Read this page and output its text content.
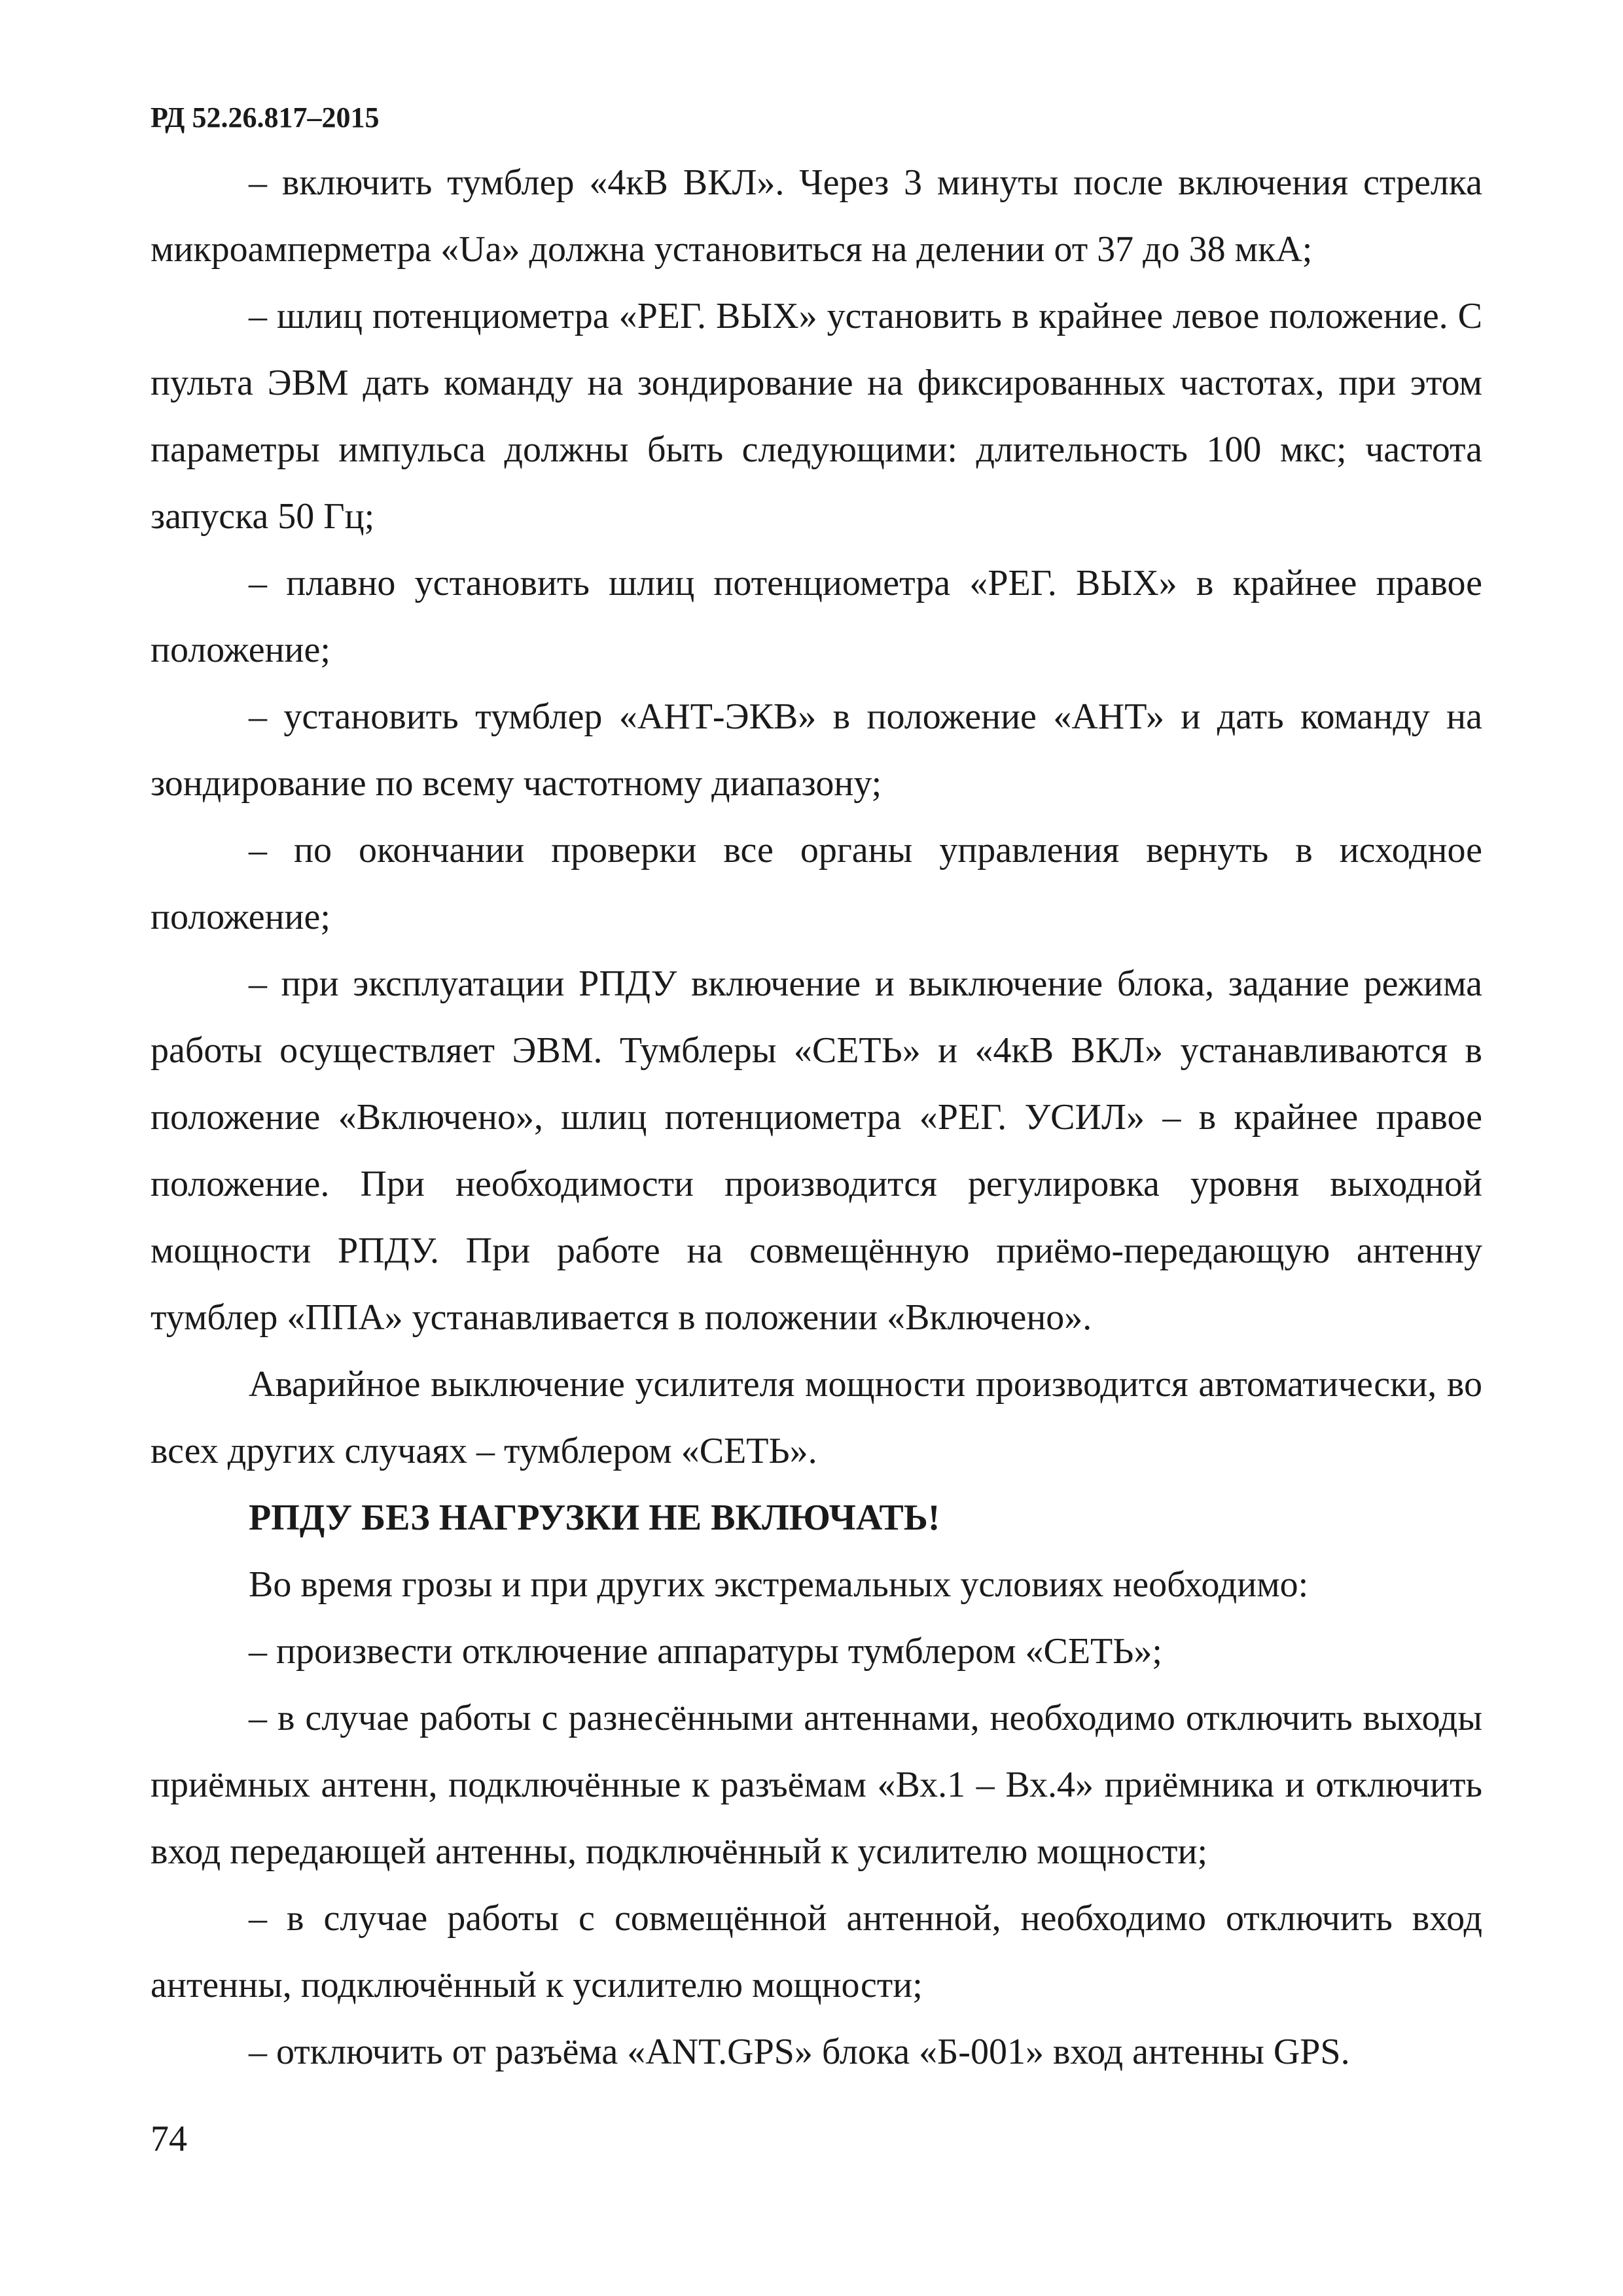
РД 52.26.817–2015

– включить тумблер «4кВ ВКЛ». Через 3 минуты после включения стрелка микроамперметра «Ua» должна установиться на делении от 37 до 38 мкА;

– шлиц потенциометра «РЕГ. ВЫХ» установить в крайнее левое положение. С пульта ЭВМ дать команду на зондирование на фиксированных частотах, при этом параметры импульса должны быть следующими: длительность 100 мкс; частота запуска 50 Гц;

– плавно установить шлиц потенциометра «РЕГ. ВЫХ» в крайнее правое положение;

– установить тумблер «АНТ-ЭКВ» в положение «АНТ» и дать команду на зондирование по всему частотному диапазону;

– по окончании проверки все органы управления вернуть в исходное положение;

– при эксплуатации РПДУ включение и выключение блока, задание режима работы осуществляет ЭВМ. Тумблеры «СЕТЬ» и «4кВ ВКЛ» устанавливаются в положение «Включено», шлиц потенциометра «РЕГ. УСИЛ» – в крайнее правое положение. При необходимости производится регулировка уровня выходной мощности РПДУ. При работе на совмещённую приёмо-передающую антенну тумблер «ППА» устанавливается в положении «Включено».

Аварийное выключение усилителя мощности производится автоматически, во всех других случаях – тумблером «СЕТЬ».

РПДУ БЕЗ НАГРУЗКИ НЕ ВКЛЮЧАТЬ!

Во время грозы и при других экстремальных условиях необходимо:

– произвести отключение аппаратуры тумблером «СЕТЬ»;

– в случае работы с разнесёнными антеннами, необходимо отключить выходы приёмных антенн, подключённые к разъёмам «Вх.1 – Вх.4» приёмника и отключить вход передающей антенны, подключённый к усилителю мощности;

– в случае работы с совмещённой антенной, необходимо отключить вход антенны, подключённый к усилителю мощности;

– отключить от разъёма «ANT.GPS» блока «Б-001» вход антенны GPS.

74
